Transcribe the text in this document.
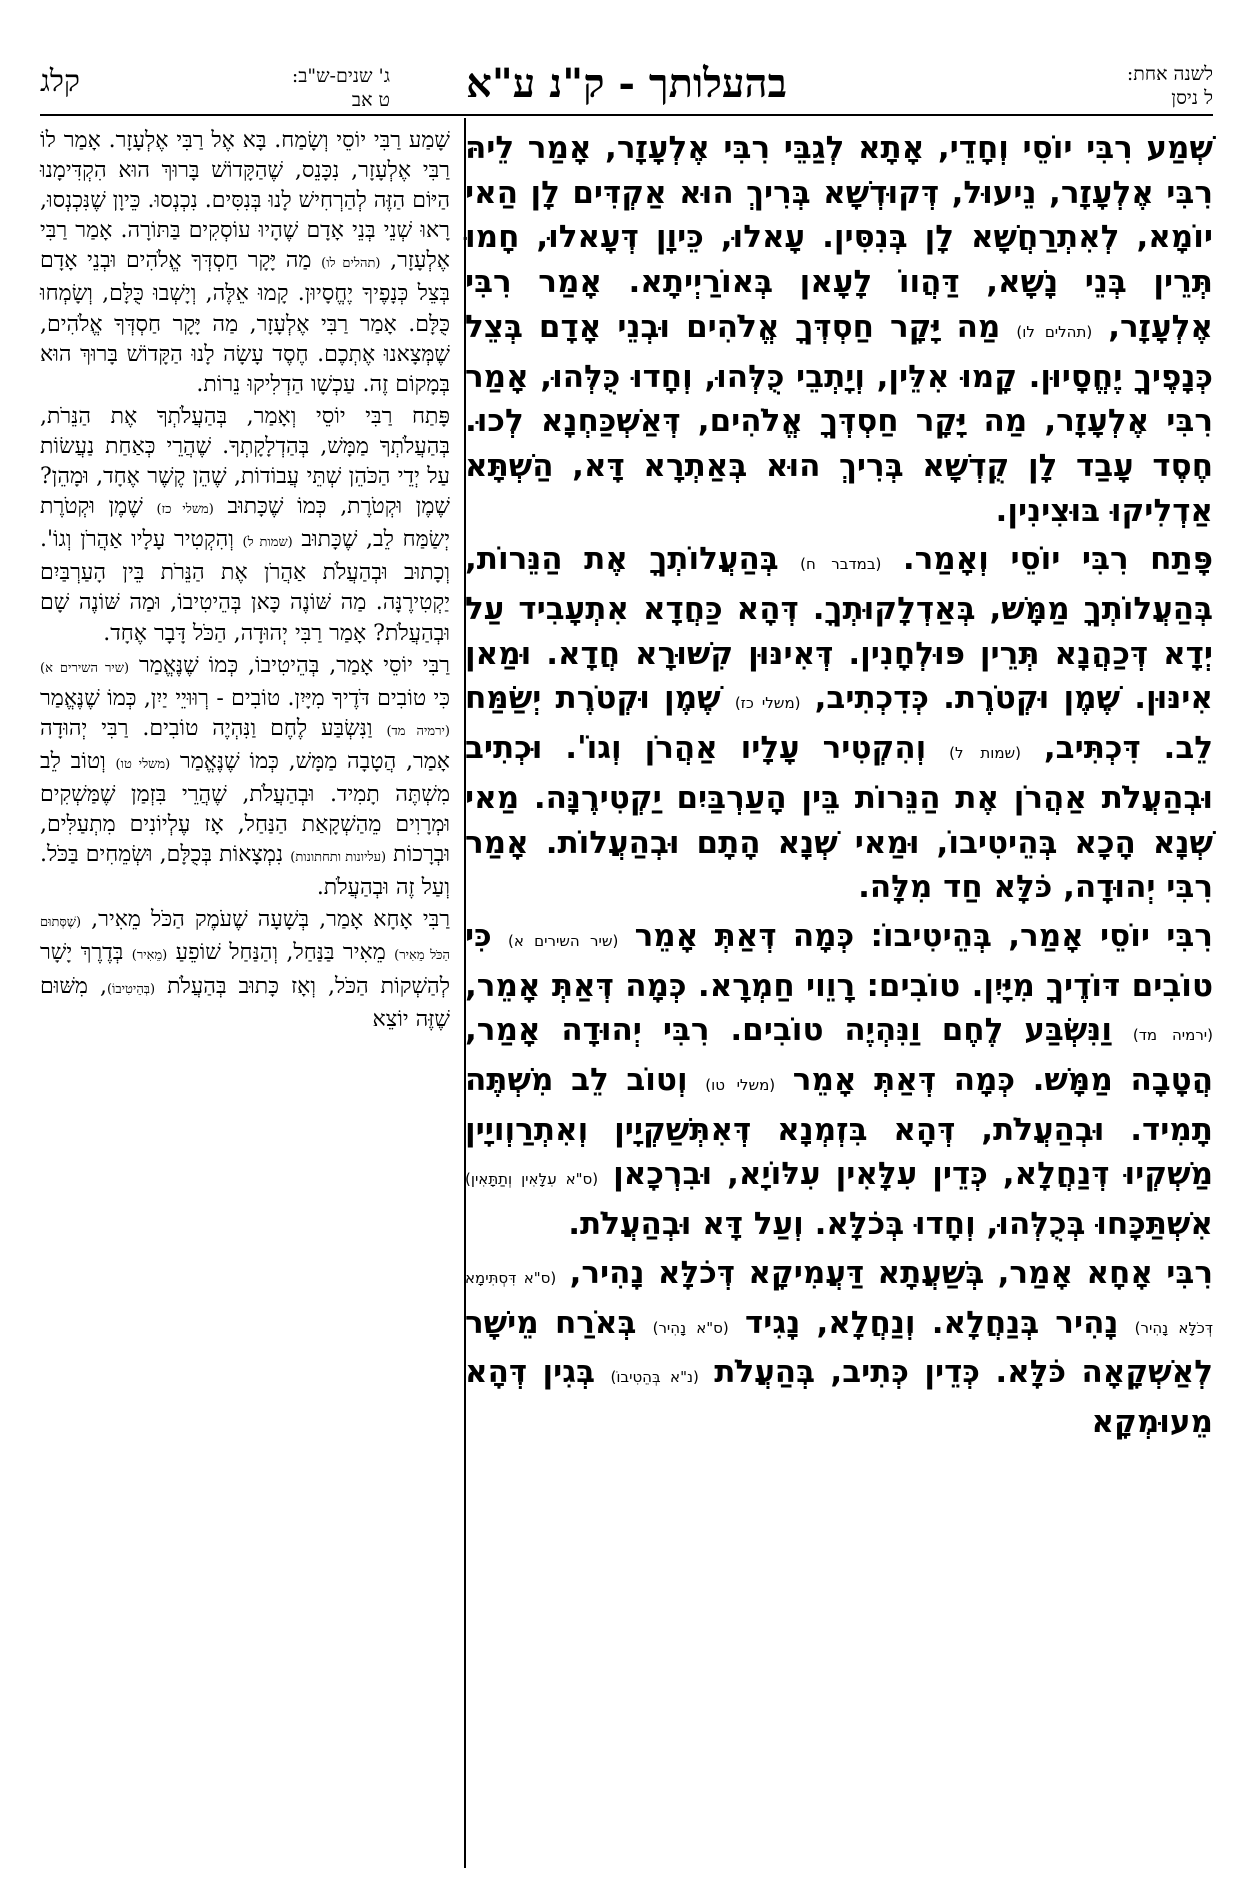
לשנה אחת:
ל ניסן
בהעלותך - ק"נ ע"א
ג' שנים-ש"ב:
ט אב
קלג

שְׁמַע רִבִּי יוֹסֵי וְחָדֵי, אָתָא לְגַבֵּי רִבִּי אֶלְעָזָר, אָמַר לֵיהּ רִבִּי אֶלְעָזָר, נֵיעוּל, דְּקוּדְשָׁא בְּרִיךְ הוּא אַקְדִּים לָן הַאי יוֹמָא, לְאִתְרַחֲשָׁא לָן בְּנִסִּין. עָאלוּ, כֵּיוָן דְּעָאלוּ, חָמוּ תְּרֵין בְּנֵי נָשָׁא, דַּהֲווֹ לָעָאן בְּאוֹרַיְיתָא. אָמַר רִבִּי אֶלְעָזָר, (תהלים לו) מַה יָּקָר חַסְדְּךָ אֱלֹהִים וּבְנֵי אָדָם בְּצֵל כְּנָפֶיךָ יֶחֱסָיוּן. קָמוּ אִלֵּין, וְיָתְבֵי כֻּלְּהוּ, וְחָדוּ כֻּלְּהוּ, אָמַר רִבִּי אֶלְעָזָר, מַה יָּקָר חַסְדְּךָ אֱלֹהִים, דְּאַשְׁכַּחְנָא לְכוּ. חֶסֶד עָבַד לָן קֻדְשָׁא בְּרִיךְ הוּא בְּאַתְרָא דָּא, הַשְׁתָּא אַדְלִיקוּ בּוּצִינִין.

פָּתַח רִבִּי יוֹסֵי וְאָמַר. (במדבר ח) בְּהַעֲלוֹתְךָ אֶת הַנֵּרוֹת, בְּהַעֲלוֹתְךָ מַמָּשׁ, בְּאַדְלָקוּתְךָ. דְּהָא כַּחֲדָא אִתְעָבִיד עַל יְדָא דְּכַהֲנָא תְּרֵין פּוּלְחָנִין. דְּאִינּוּן קִשּׁוּרָא חֲדָא. וּמַאן אִינּוּן. שֶׁמֶן וּקְטֹרֶת. כְּדִכְתִיב, (משלי כז) שֶׁמֶן וּקְטֹרֶת יְשַׂמַּח לֵב. דִּכְתִּיב, (שמות ל) וְהִקְטִיר עָלָיו אַהֲרֹן וְגוֹ'. וּכְתִיב וּבְהַעֲלֹת אַהֲרֹן אֶת הַנֵּרוֹת בֵּין הָעַרְבַּיִם יַקְטִירֶנָּה. מַאי שְׁנָא הָכָא בְּהֵיטִיבוֹ, וּמַאי שְׁנָא הָתָם וּבְהַעֲלוֹת. אָמַר רִבִּי יְהוּדָה, כֹּלָּא חַד מִלָּה.

רִבִּי יוֹסֵי אָמַר, בְּהֵיטִיבוֹ: כְּמָה דְּאַתְּ אָמֵר (שיר השירים א) כִּי טוֹבִים דּוֹדֶיךָ מִיָּיִן. טוֹבִים: רָוֵוי חַמְרָא. כְּמָה דְּאַתְּ אָמֵר, (ירמיה מד) וַנִּשְׂבַּע לֶחֶם וַנִּהְיֶה טוֹבִים. רִבִּי יְהוּדָה אָמַר, הֲטָבָה מַמָּשׁ. כְּמָה דְּאַתְּ אָמֵר (משלי טו) וְטוֹב לֵב מִשְׁתֶּה תָמִיד. וּבְהַעֲלֹת, דְּהָא בִּזְמְנָא דְּאִתְּשַׁקְיָין וְאִתְרַוְויָין מַשְׁקְיוּ דְּנַחֲלָא, כְּדֵין עִלָּאִין עִלּוֹיָא, וּבִרְכָאן (ס"א עִלָּאִין וְתַתָּאִין) אִשְׁתַּכָּחוּ בְּכֻלְּהוּ, וְחָדוּ בְּכֹלָּא. וְעַל דָּא וּבְהַעֲלֹת.

רִבִּי אָחָא אָמַר, בְּשַׁעֲתָא דַּעֲמִיקָא דְּכֹלָּא נָהִיר, (ס"א דִּסְתִּימָא דְּכֹלָּא נָהִיר) נָהִיר בְּנַחֲלָא. וְנַחֲלָא, נָגִיד (ס"א נָהִיר) בְּאֹרַח מֵישָׁר לְאַשְׁקָאָה כֹּלָּא. כְּדֵין כְּתִיב, בְּהַעֲלֹת (נ"א בְּהֵטִיבוֹ) בְּגִין דְּהָא מֵעוּמְקָא

שָׁמַע רַבִּי יוֹסֵי וְשָׂמַח. בָּא אֶל רַבִּי אֶלְעָזָר. אָמַר לוֹ רַבִּי אֶלְעָזָר, נִכָּנֵס, שֶׁהַקָּדוֹשׁ בָּרוּךְ הוּא הִקְדִּימָנוּ הַיּוֹם הַזֶּה לְהַרְחִישׁ לָנוּ בְּנִסִּים. נִכְנְסוּ. כֵּיוָן שֶׁנִּכְנְסוּ, רָאוּ שְׁנֵי בְּנֵי אָדָם שֶׁהָיוּ עוֹסְקִים בַּתּוֹרָה. אָמַר רַבִּי אֶלְעָזָר, (תהלים לו) מַה יָּקָר חַסְדְּךָ אֱלֹהִים וּבְנֵי אָדָם בְּצֵל כְּנָפֶיךָ יֶחֱסָיוּן. קָמוּ אֵלֶּה, וְיָשְׁבוּ כֻּלָּם, וְשָׂמְחוּ כֻּלָּם. אָמַר רַבִּי אֶלְעָזָר, מַה יָּקָר חַסְדְּךָ אֱלֹהִים, שֶׁמְּצָאנוּ אֶתְכֶם. חֶסֶד עָשָׂה לָנוּ הַקָּדוֹשׁ בָּרוּךְ הוּא בְּמָקוֹם זֶה. עַכְשָׁו הַדְלִיקוּ נֵרוֹת.

פָּתַח רַבִּי יוֹסֵי וְאָמַר, בְּהַעֲלֹתְךָ אֶת הַנֵּרֹת, בְּהַעֲלֹתְךָ מַמָּשׁ, בְּהַדְלָקָתְךָ. שֶׁהֲרֵי כְּאַחַת נַעֲשׂוֹת עַל יְדֵי הַכֹּהֵן שְׁתֵּי עֲבוֹדוֹת, שֶׁהֵן קֶשֶׁר אֶחָד, וּמָהֵן? שֶׁמֶן וּקְטֹרֶת, כְּמוֹ שֶׁכָּתוּב (משלי כז) שֶׁמֶן וּקְטֹרֶת יְשַׂמַּח לֵב, שֶׁכָּתוּב (שמות ל) וְהִקְטִיר עָלָיו אַהֲרֹן וְגוֹ'. וְכָתוּב וּבְהַעֲלֹת אַהֲרֹן אֶת הַנֵּרֹת בֵּין הָעַרְבַּיִם יַקְטִירֶנָּה. מַה שּׁוֹנֶה כָּאן בְּהֵיטִיבוֹ, וּמַה שּׁוֹנֶה שָׁם וּבְהַעֲלֹת? אָמַר רַבִּי יְהוּדָה, הַכֹּל דָּבָר אֶחָד.

רַבִּי יוֹסֵי אָמַר, בְּהֵיטִיבוֹ, כְּמוֹ שֶׁנֶּאֱמַר (שיר השירים א) כִּי טוֹבִים דֹּדֶיךָ מִיָּיִן. טוֹבִים - רְוּוּיֵי יַיִן, כְּמוֹ שֶׁנֶּאֱמַר (ירמיה מד) וַנִּשְׂבַּע לֶחֶם וַנִּהְיֶה טוֹבִים. רַבִּי יְהוּדָה אָמַר, הֲטָבָה מַמָּשׁ, כְּמוֹ שֶׁנֶּאֱמַר (משלי טו) וְטוֹב לֵב מִשְׁתֶּה תָמִיד. וּבְהַעֲלֹת, שֶׁהֲרֵי בִּזְמַן שֶׁמַּשְׁקִים וּמְרָוִים מֵהַשְׁקָאַת הַנַּחַל, אָז עֶלְיוֹנִים מִתְעַלִּים, וּבְרָכוֹת (עליונות ותחתונות) נִמְצָאוֹת בְּכֻלָּם, וּשְׂמֵחִים בַּכֹּל. וְעַל זֶה וּבְהַעֲלֹת.

רַבִּי אָחָא אָמַר, בְּשָׁעָה שֶׁעֹמֶק הַכֹּל מֵאִיר, (שֶׁסְּתוּם הַכֹּל מֵאִיר) מֵאִיר בַּנַּחַל, וְהַנַּחַל שׁוֹפֵעַ (מֵאִיר) בְּדֶרֶךְ יָשָׁר לְהַשְׁקוֹת הַכֹּל, וְאָז כָּתוּב בְּהַעֲלֹת (בְּהֵיטִיבוֹ), מִשּׁוּם שֶׁזֶּה יוֹצֵא
